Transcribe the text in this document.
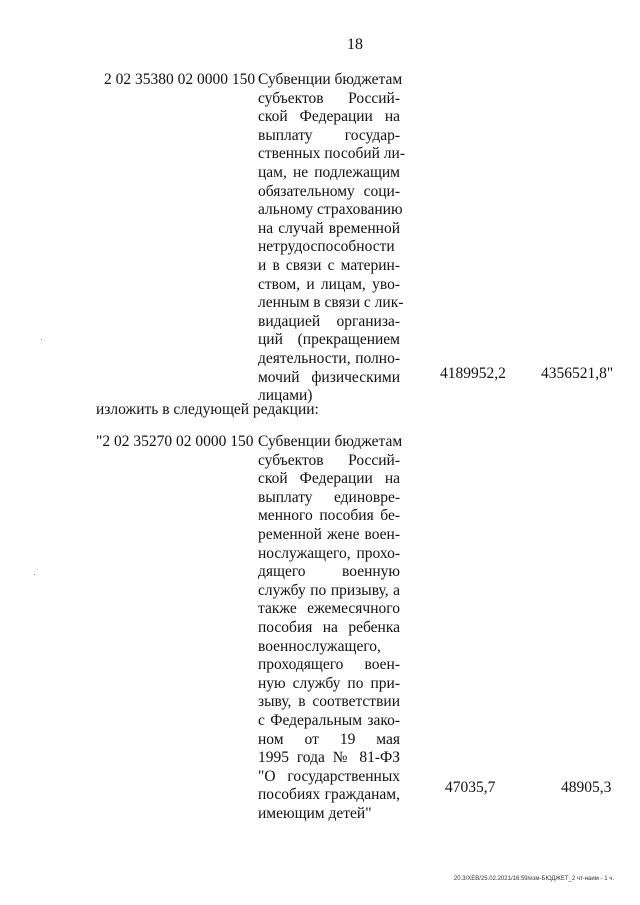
18
2 02 35380 02 0000 150 Субвенции бюджетам
субъектов Россий-
ской Федерации на
выплату государ-
ственных пособий ли-
цам, не подлежащим
обязательному соци-
альному страхованию
на случай временной
нетрудоспособности
и в связи с материн-
ством, и лицам, уво-
ленным в связи с лик-
видацией организа-
ций (прекращением
деятельности, полно-
мочий физическими
лицами)
4189952,2 4356521,8"
изложить в следующей редакции:
"2 02 35270 02 0000 150 Субвенции бюджетам
субъектов Россий-
ской Федерации на
выплату единовре-
менного пособия бе-
ременной жене воен-
нослужащего, прохо-
дящего военную
службу по призыву, а
также ежемесячного
пособия на ребенка
военнослужащего,
проходящего воен-
ную службу по при-
зыву, в соответствии
с Федеральным зако-
ном от 19 мая
1995 года № 81-ФЗ
"О государственных
пособиях гражданам,
имеющим детей"
47035,7	48905,3
20.3/ХЕВ/25.02.2021/16:59/изм-БЮДЖЕТ_2 чт-наим - 1 ч.
